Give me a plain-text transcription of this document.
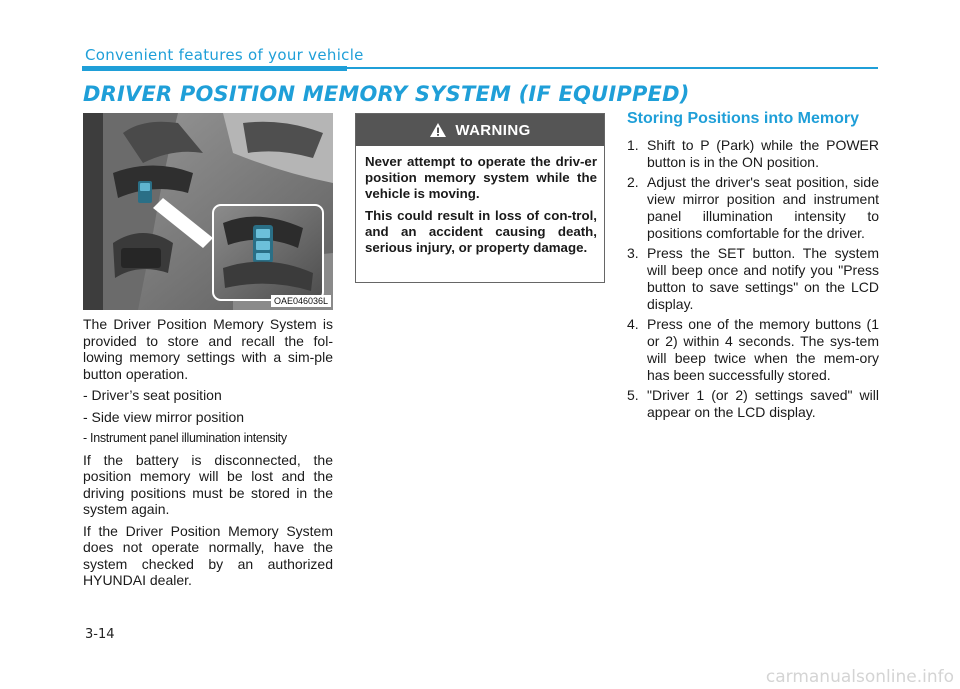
Convenient features of your vehicle
DRIVER POSITION MEMORY SYSTEM (IF EQUIPPED)
OAE046036L

The Driver Position Memory System is provided to store and recall the fol-lowing memory settings with a sim-ple button operation.

- Driver’s seat position
- Side view mirror position
- Instrument panel illumination intensity

If the battery is disconnected, the position memory will be lost and the driving positions must be stored in the system again.

If the Driver Position Memory System does not operate normally, have the system checked by an authorized HYUNDAI dealer.

WARNING

Never attempt to operate the driv-er position memory system while the vehicle is moving.

This could result in loss of con-trol, and an accident causing death, serious injury, or property damage.

Storing Positions into Memory
1. Shift to P (Park) while the POWER button is in the ON position.
2. Adjust the driver's seat position, side view mirror position and instrument panel illumination intensity to positions comfortable for the driver.
3. Press the SET button. The system will beep once and notify you "Press button to save settings" on the LCD display.
4. Press one of the memory buttons (1 or 2) within 4 seconds. The sys-tem will beep twice when the mem-ory has been successfully stored.
5. "Driver 1 (or 2) settings saved" will appear on the LCD display.
3-14
carmanualsonline.info
